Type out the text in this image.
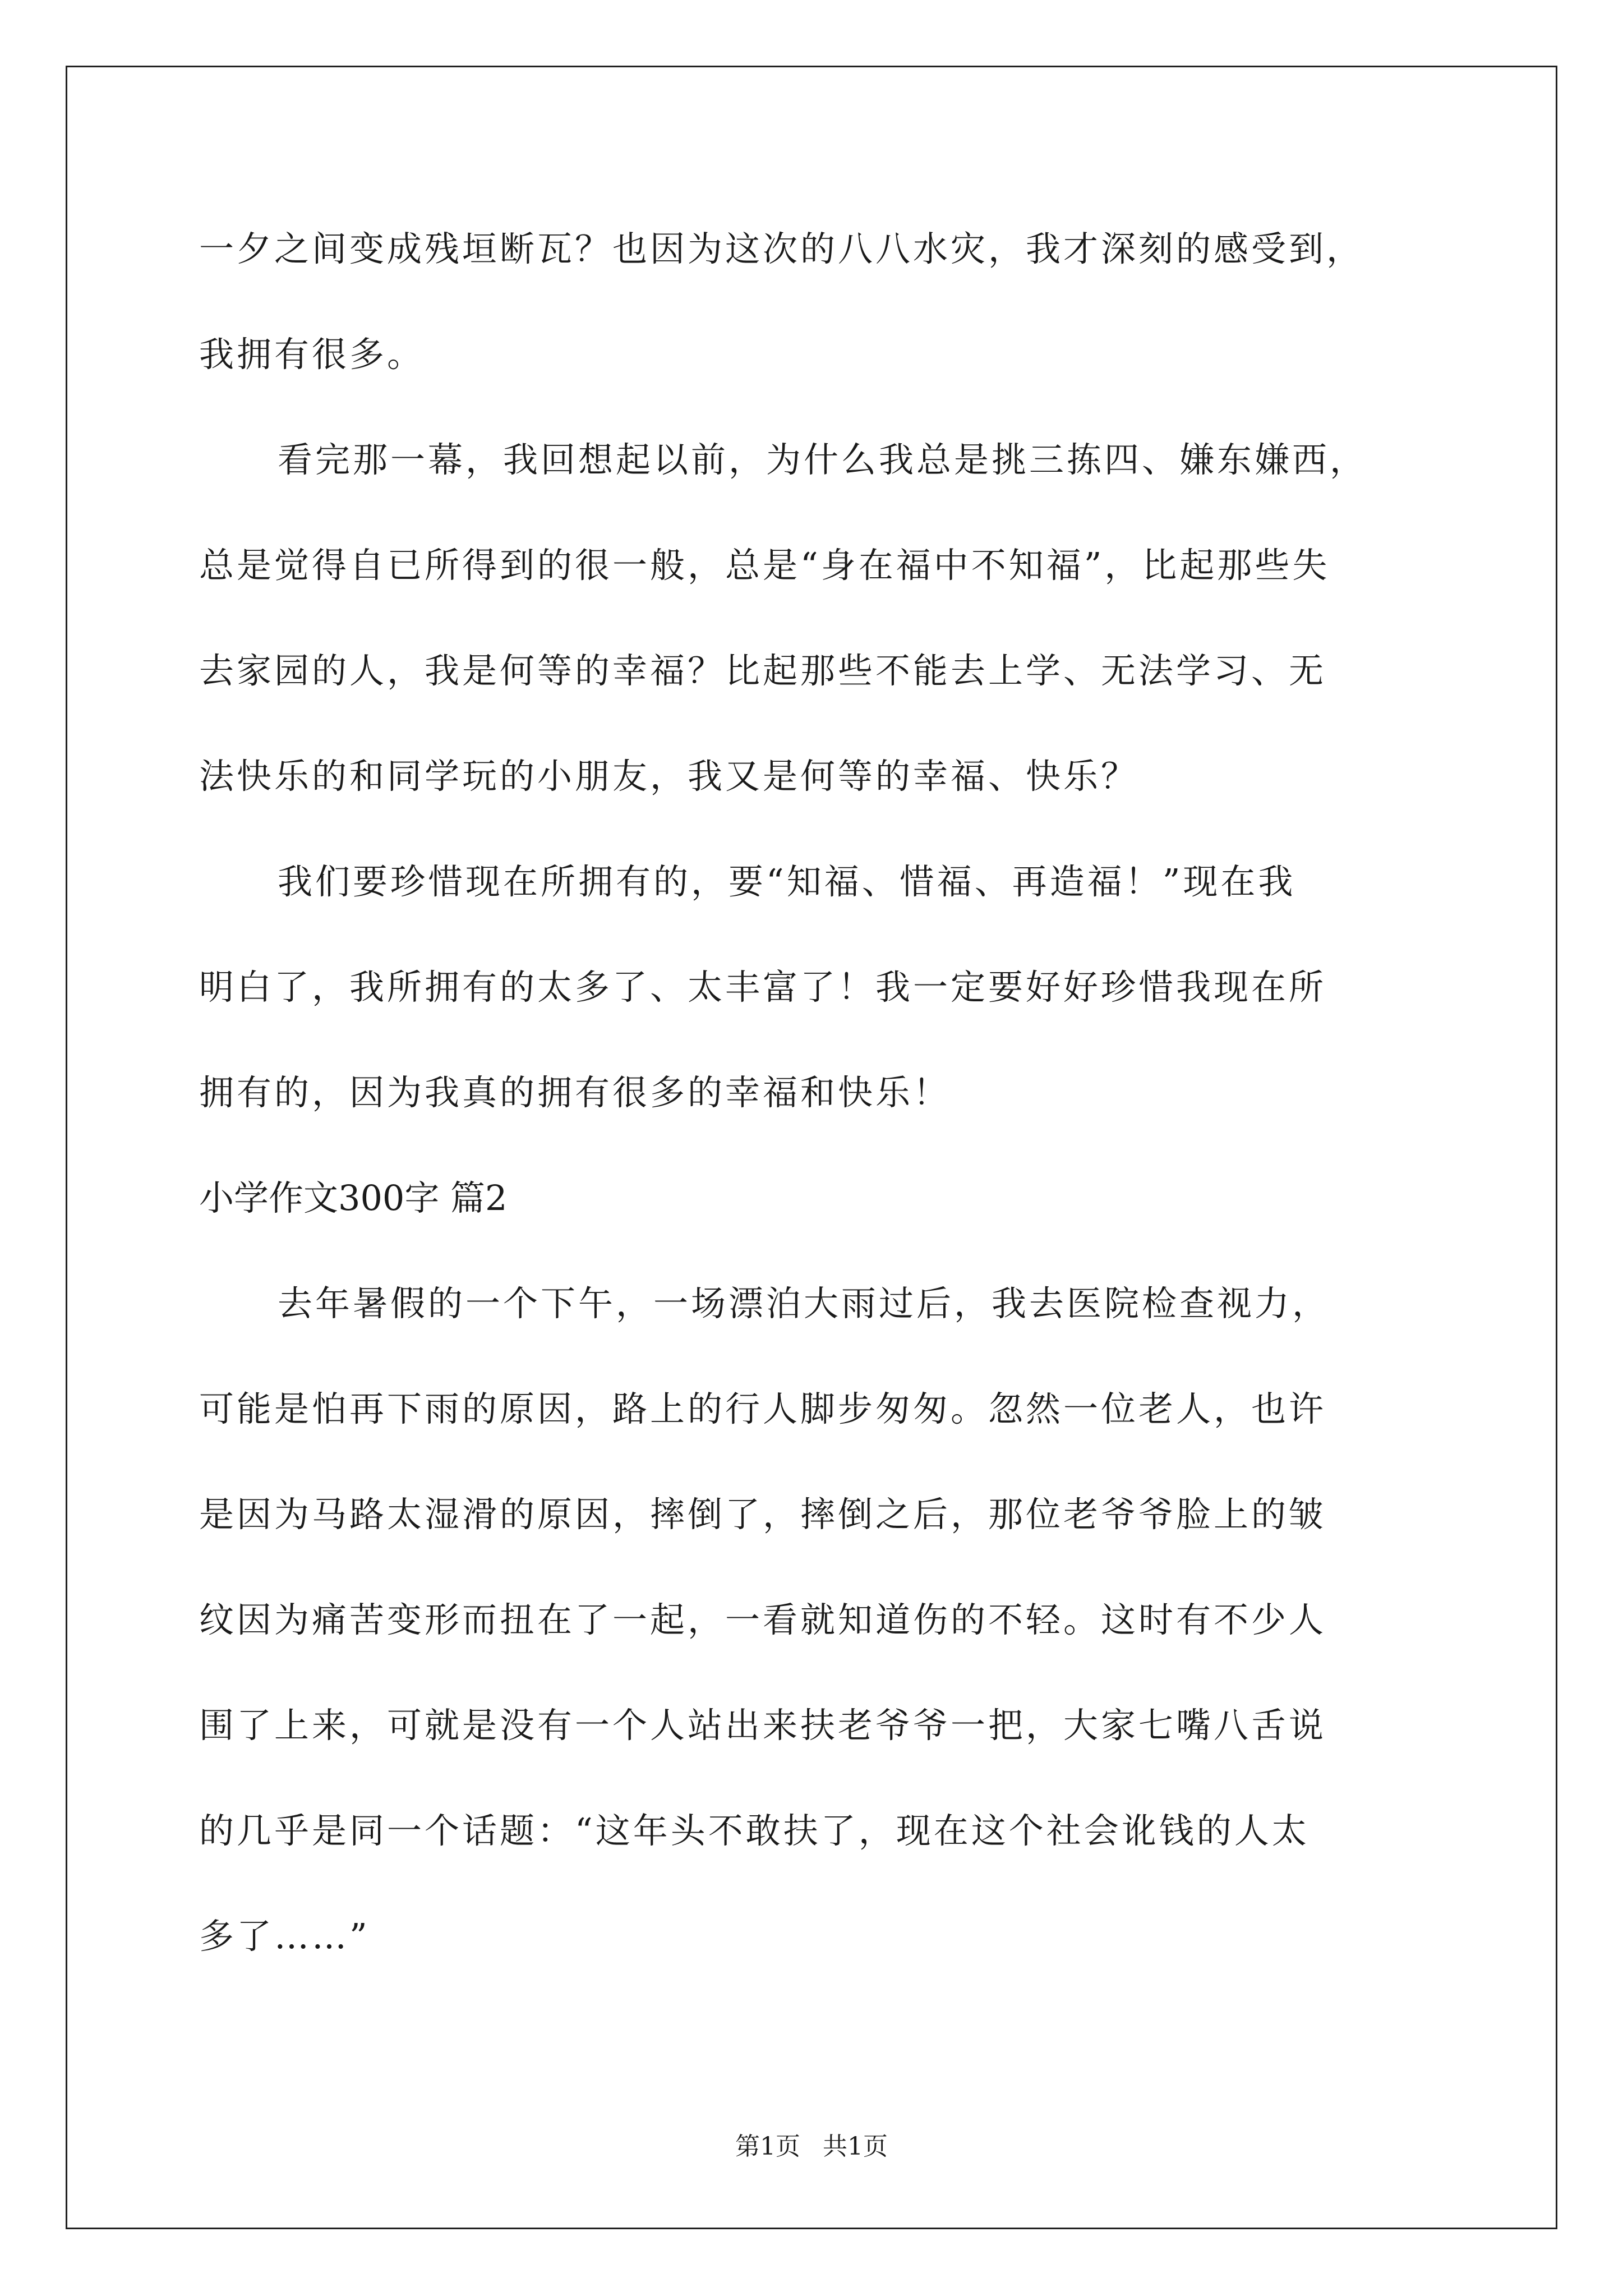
一夕之间变成残垣断瓦？也因为这次的八八水灾，我才深刻的感受到，
我拥有很多。
看完那一幕，我回想起以前，为什么我总是挑三拣四、嫌东嫌西，
总是觉得自已所得到的很一般，总是“身在福中不知福”，比起那些失
去家园的人，我是何等的幸福？比起那些不能去上学、无法学习、无
法快乐的和同学玩的小朋友，我又是何等的幸福、快乐？
我们要珍惜现在所拥有的，要“知福、惜福、再造福！”现在我
明白了，我所拥有的太多了、太丰富了！我一定要好好珍惜我现在所
拥有的，因为我真的拥有很多的幸福和快乐！
小学作文300字 篇2
去年暑假的一个下午，一场漂泊大雨过后，我去医院检查视力，
可能是怕再下雨的原因，路上的行人脚步匆匆。忽然一位老人，也许
是因为马路太湿滑的原因，摔倒了，摔倒之后，那位老爷爷脸上的皱
纹因为痛苦变形而扭在了一起，一看就知道伤的不轻。这时有不少人
围了上来，可就是没有一个人站出来扶老爷爷一把，大家七嘴八舌说
的几乎是同一个话题：“这年头不敢扶了，现在这个社会讹钱的人太
多了……”
第1页 共1页
